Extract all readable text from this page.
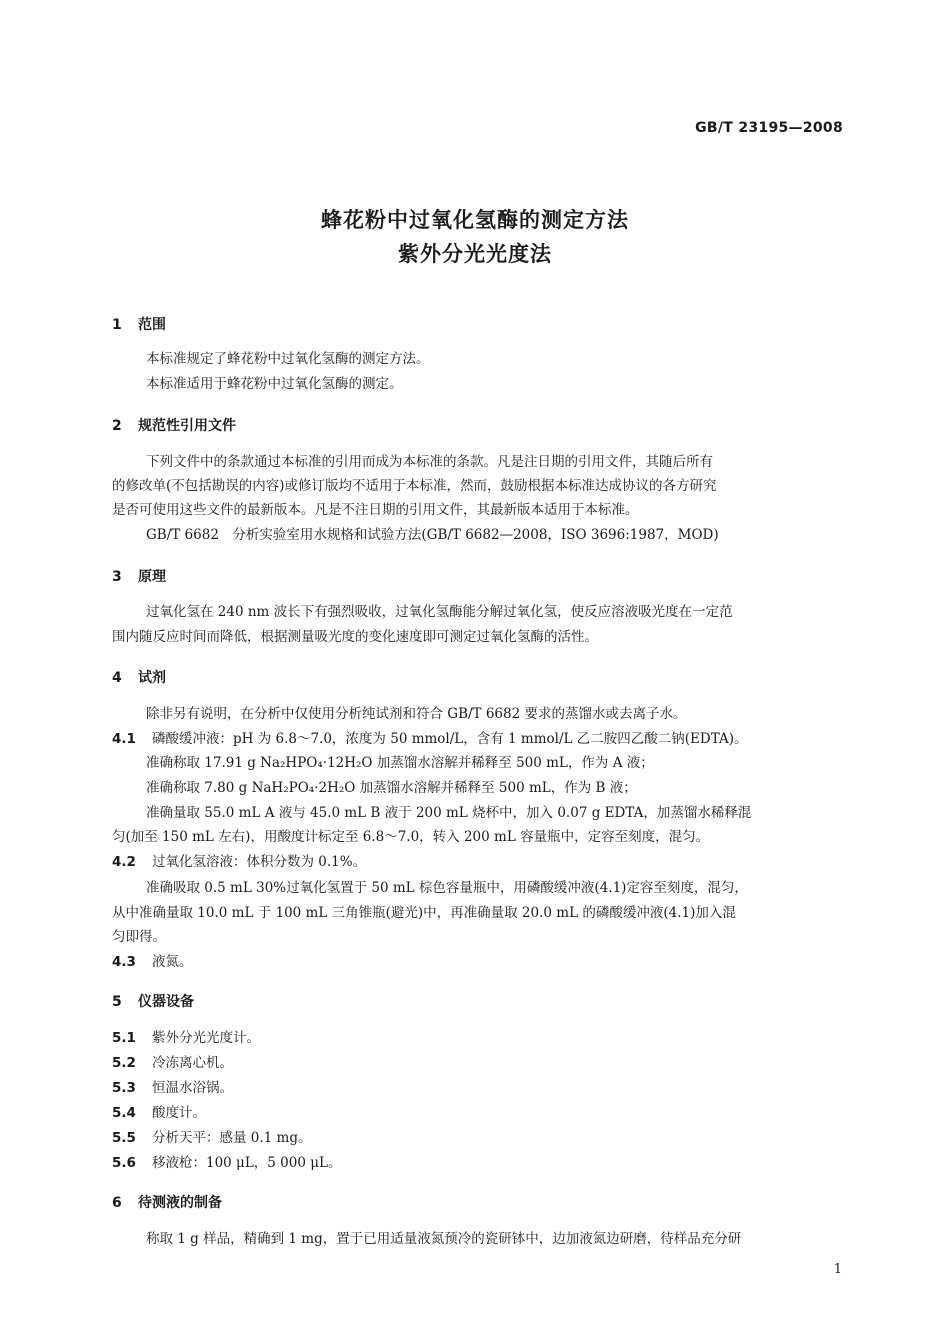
GB/T 23195—2008
蜂花粉中过氧化氢酶的测定方法
紫外分光光度法
1 范围
本标准规定了蜂花粉中过氧化氢酶的测定方法。
本标准适用于蜂花粉中过氧化氢酶的测定。
2 规范性引用文件
下列文件中的条款通过本标准的引用而成为本标准的条款。凡是注日期的引用文件，其随后所有
的修改单(不包括勘误的内容)或修订版均不适用于本标准，然而，鼓励根据本标准达成协议的各方研究
是否可使用这些文件的最新版本。凡是不注日期的引用文件，其最新版本适用于本标准。
GB/T 6682　分析实验室用水规格和试验方法(GB/T 6682—2008，ISO 3696:1987，MOD)
3 原理
过氧化氢在 240 nm 波长下有强烈吸收，过氧化氢酶能分解过氧化氢，使反应溶液吸光度在一定范
围内随反应时间而降低，根据测量吸光度的变化速度即可测定过氧化氢酶的活性。
4 试剂
除非另有说明，在分析中仅使用分析纯试剂和符合 GB/T 6682 要求的蒸馏水或去离子水。
4.1 磷酸缓冲液：pH 为 6.8～7.0，浓度为 50 mmol/L，含有 1 mmol/L 乙二胺四乙酸二钠(EDTA)。
准确称取 17.91 g Na₂HPO₄·12H₂O 加蒸馏水溶解并稀释至 500 mL，作为 A 液；
准确称取 7.80 g NaH₂PO₄·2H₂O 加蒸馏水溶解并稀释至 500 mL，作为 B 液；
准确量取 55.0 mL A 液与 45.0 mL B 液于 200 mL 烧杯中，加入 0.07 g EDTA，加蒸馏水稀释混
匀(加至 150 mL 左右)，用酸度计标定至 6.8～7.0，转入 200 mL 容量瓶中，定容至刻度，混匀。
4.2 过氧化氢溶液：体积分数为 0.1%。
准确吸取 0.5 mL 30%过氧化氢置于 50 mL 棕色容量瓶中，用磷酸缓冲液(4.1)定容至刻度，混匀，
从中准确量取 10.0 mL 于 100 mL 三角锥瓶(避光)中，再准确量取 20.0 mL 的磷酸缓冲液(4.1)加入混
匀即得。
4.3 液氮。
5 仪器设备
5.1 紫外分光光度计。
5.2 冷冻离心机。
5.3 恒温水浴锅。
5.4 酸度计。
5.5 分析天平：感量 0.1 mg。
5.6 移液枪：100 μL，5 000 μL。
6 待测液的制备
称取 1 g 样品，精确到 1 mg，置于已用适量液氮预冷的瓷研钵中，边加液氮边研磨，待样品充分研
1
